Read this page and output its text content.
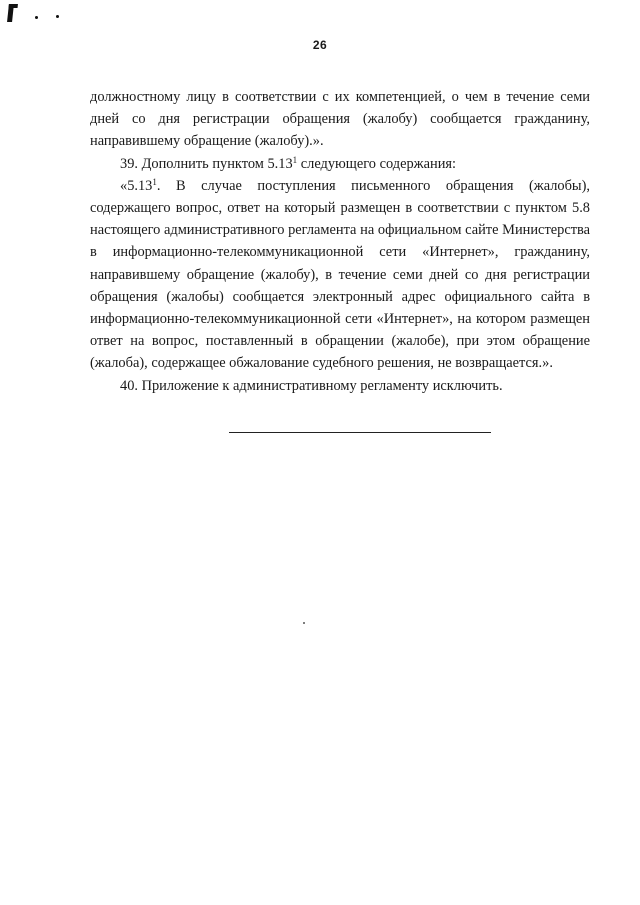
26

должностному лицу в соответствии с их компетенцией, о чем в течение семи дней со дня регистрации обращения (жалобу) сообщается гражданину, направившему обращение (жалобу).».

39. Дополнить пунктом 5.13$^1$ следующего содержания:

«5.13$^1$. В случае поступления письменного обращения (жалобы), содержащего вопрос, ответ на который размещен в соответствии с пунктом 5.8 настоящего административного регламента на официальном сайте Министерства в информационно-телекоммуникационной сети «Интернет», гражданину, направившему обращение (жалобу), в течение семи дней со дня регистрации обращения (жалобы) сообщается электронный адрес официального сайта в информационно-телекоммуникационной сети «Интернет», на котором размещен ответ на вопрос, поставленный в обращении (жалобе), при этом обращение (жалоба), содержащее обжалование судебного решения, не возвращается.».

40. Приложение к административному регламенту исключить.
